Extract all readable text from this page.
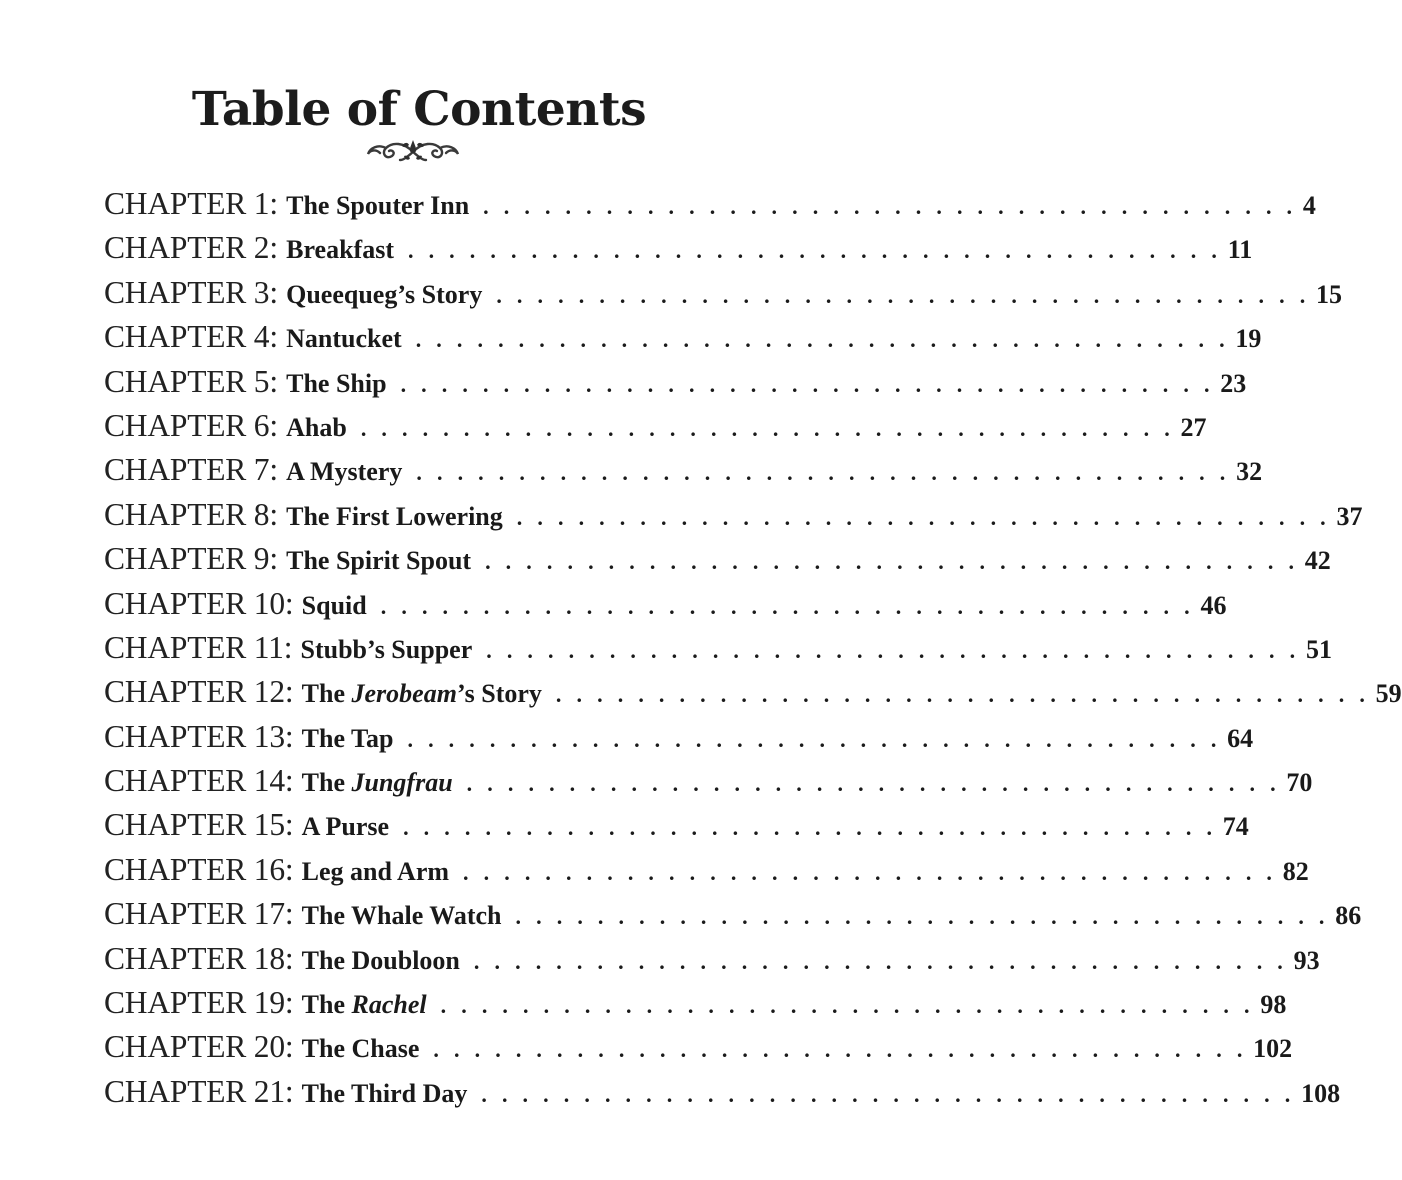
Table of Contents
CHAPTER 1 : The Spouter Inn . . . . . . . . . . . . . . . . . . . . . . . . . . . . . . . . . . . . . . . . 4
CHAPTER 2 : Breakfast . . . . . . . . . . . . . . . . . . . . . . . . . . . . . . . . . . . . . . . . 11
CHAPTER 3 : Queequeg’s Story . . . . . . . . . . . . . . . . . . . . . . . . . . . . . . . . . . . . . . . . 15
CHAPTER 4 : Nantucket . . . . . . . . . . . . . . . . . . . . . . . . . . . . . . . . . . . . . . . . 19
CHAPTER 5 : The Ship . . . . . . . . . . . . . . . . . . . . . . . . . . . . . . . . . . . . . . . . 23
CHAPTER 6 : Ahab . . . . . . . . . . . . . . . . . . . . . . . . . . . . . . . . . . . . . . . . 27
CHAPTER 7 : A Mystery . . . . . . . . . . . . . . . . . . . . . . . . . . . . . . . . . . . . . . . . 32
CHAPTER 8 : The First Lowering . . . . . . . . . . . . . . . . . . . . . . . . . . . . . . . . . . . . . . . . 37
CHAPTER 9 : The Spirit Spout . . . . . . . . . . . . . . . . . . . . . . . . . . . . . . . . . . . . . . . . 42
CHAPTER 10 : Squid . . . . . . . . . . . . . . . . . . . . . . . . . . . . . . . . . . . . . . . . 46
CHAPTER 11 : Stubb’s Supper . . . . . . . . . . . . . . . . . . . . . . . . . . . . . . . . . . . . . . . . 51
CHAPTER 12 : The Jerobeam’s Story . . . . . . . . . . . . . . . . . . . . . . . . . . . . . . . . . . . . . . . . 59
CHAPTER 13 : The Tap . . . . . . . . . . . . . . . . . . . . . . . . . . . . . . . . . . . . . . . . 64
CHAPTER 14 : The Jungfrau . . . . . . . . . . . . . . . . . . . . . . . . . . . . . . . . . . . . . . . . 70
CHAPTER 15 : A Purse . . . . . . . . . . . . . . . . . . . . . . . . . . . . . . . . . . . . . . . . 74
CHAPTER 16 : Leg and Arm . . . . . . . . . . . . . . . . . . . . . . . . . . . . . . . . . . . . . . . . 82
CHAPTER 17 : The Whale Watch . . . . . . . . . . . . . . . . . . . . . . . . . . . . . . . . . . . . . . . . 86
CHAPTER 18 : The Doubloon . . . . . . . . . . . . . . . . . . . . . . . . . . . . . . . . . . . . . . . . 93
CHAPTER 19 : The Rachel . . . . . . . . . . . . . . . . . . . . . . . . . . . . . . . . . . . . . . . . 98
CHAPTER 20 : The Chase . . . . . . . . . . . . . . . . . . . . . . . . . . . . . . . . . . . . . . . . 102
CHAPTER 21 : The Third Day . . . . . . . . . . . . . . . . . . . . . . . . . . . . . . . . . . . . . . . . 108
